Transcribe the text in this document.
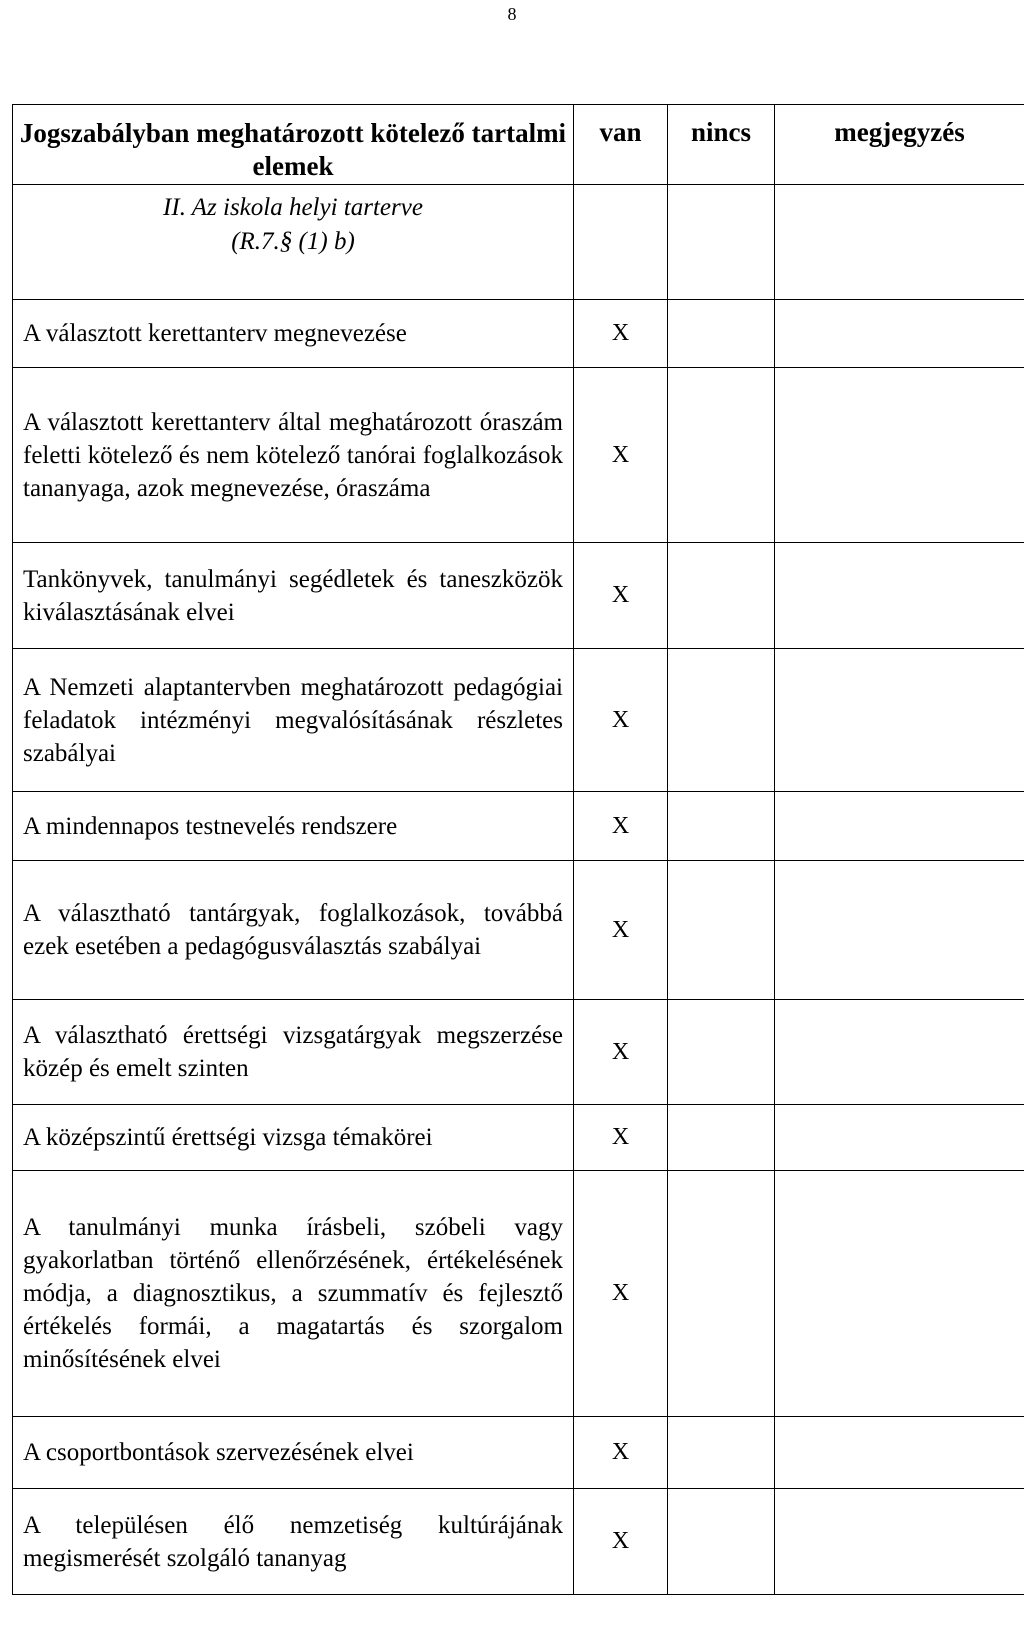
8
Jogszabályban meghatározott kötelező tartalmi elemek	van	nincs	megjegyzés

II. Az iskola helyi tarterve
(R.7.§ (1) b)			

A választott kerettanterv megnevezése	X		
A választott kerettanterv által meghatározott óraszám feletti kötelező és nem kötelező tanórai foglalkozások tananyaga, azok megnevezése, óraszáma	X		
Tankönyvek, tanulmányi segédletek és taneszközök kiválasztásának elvei	X		
A Nemzeti alaptantervben meghatározott pedagógiai feladatok intézményi megvalósításának részletes szabályai	X		
A mindennapos testnevelés rendszere	X		
A választható tantárgyak, foglalkozások, továbbá ezek esetében a pedagógusválasztás szabályai	X		
A választható érettségi vizsgatárgyak megszerzése közép és emelt szinten	X		
A középszintű érettségi vizsga témakörei	X		
A tanulmányi munka írásbeli, szóbeli vagy gyakorlatban történő ellenőrzésének, értékelésének módja, a diagnosztikus, a szummatív és fejlesztő értékelés formái, a magatartás és szorgalom minősítésének elvei	X		
A csoportbontások szervezésének elvei	X		
A településen élő nemzetiség kultúrájának megismerését szolgáló tananyag	X		
